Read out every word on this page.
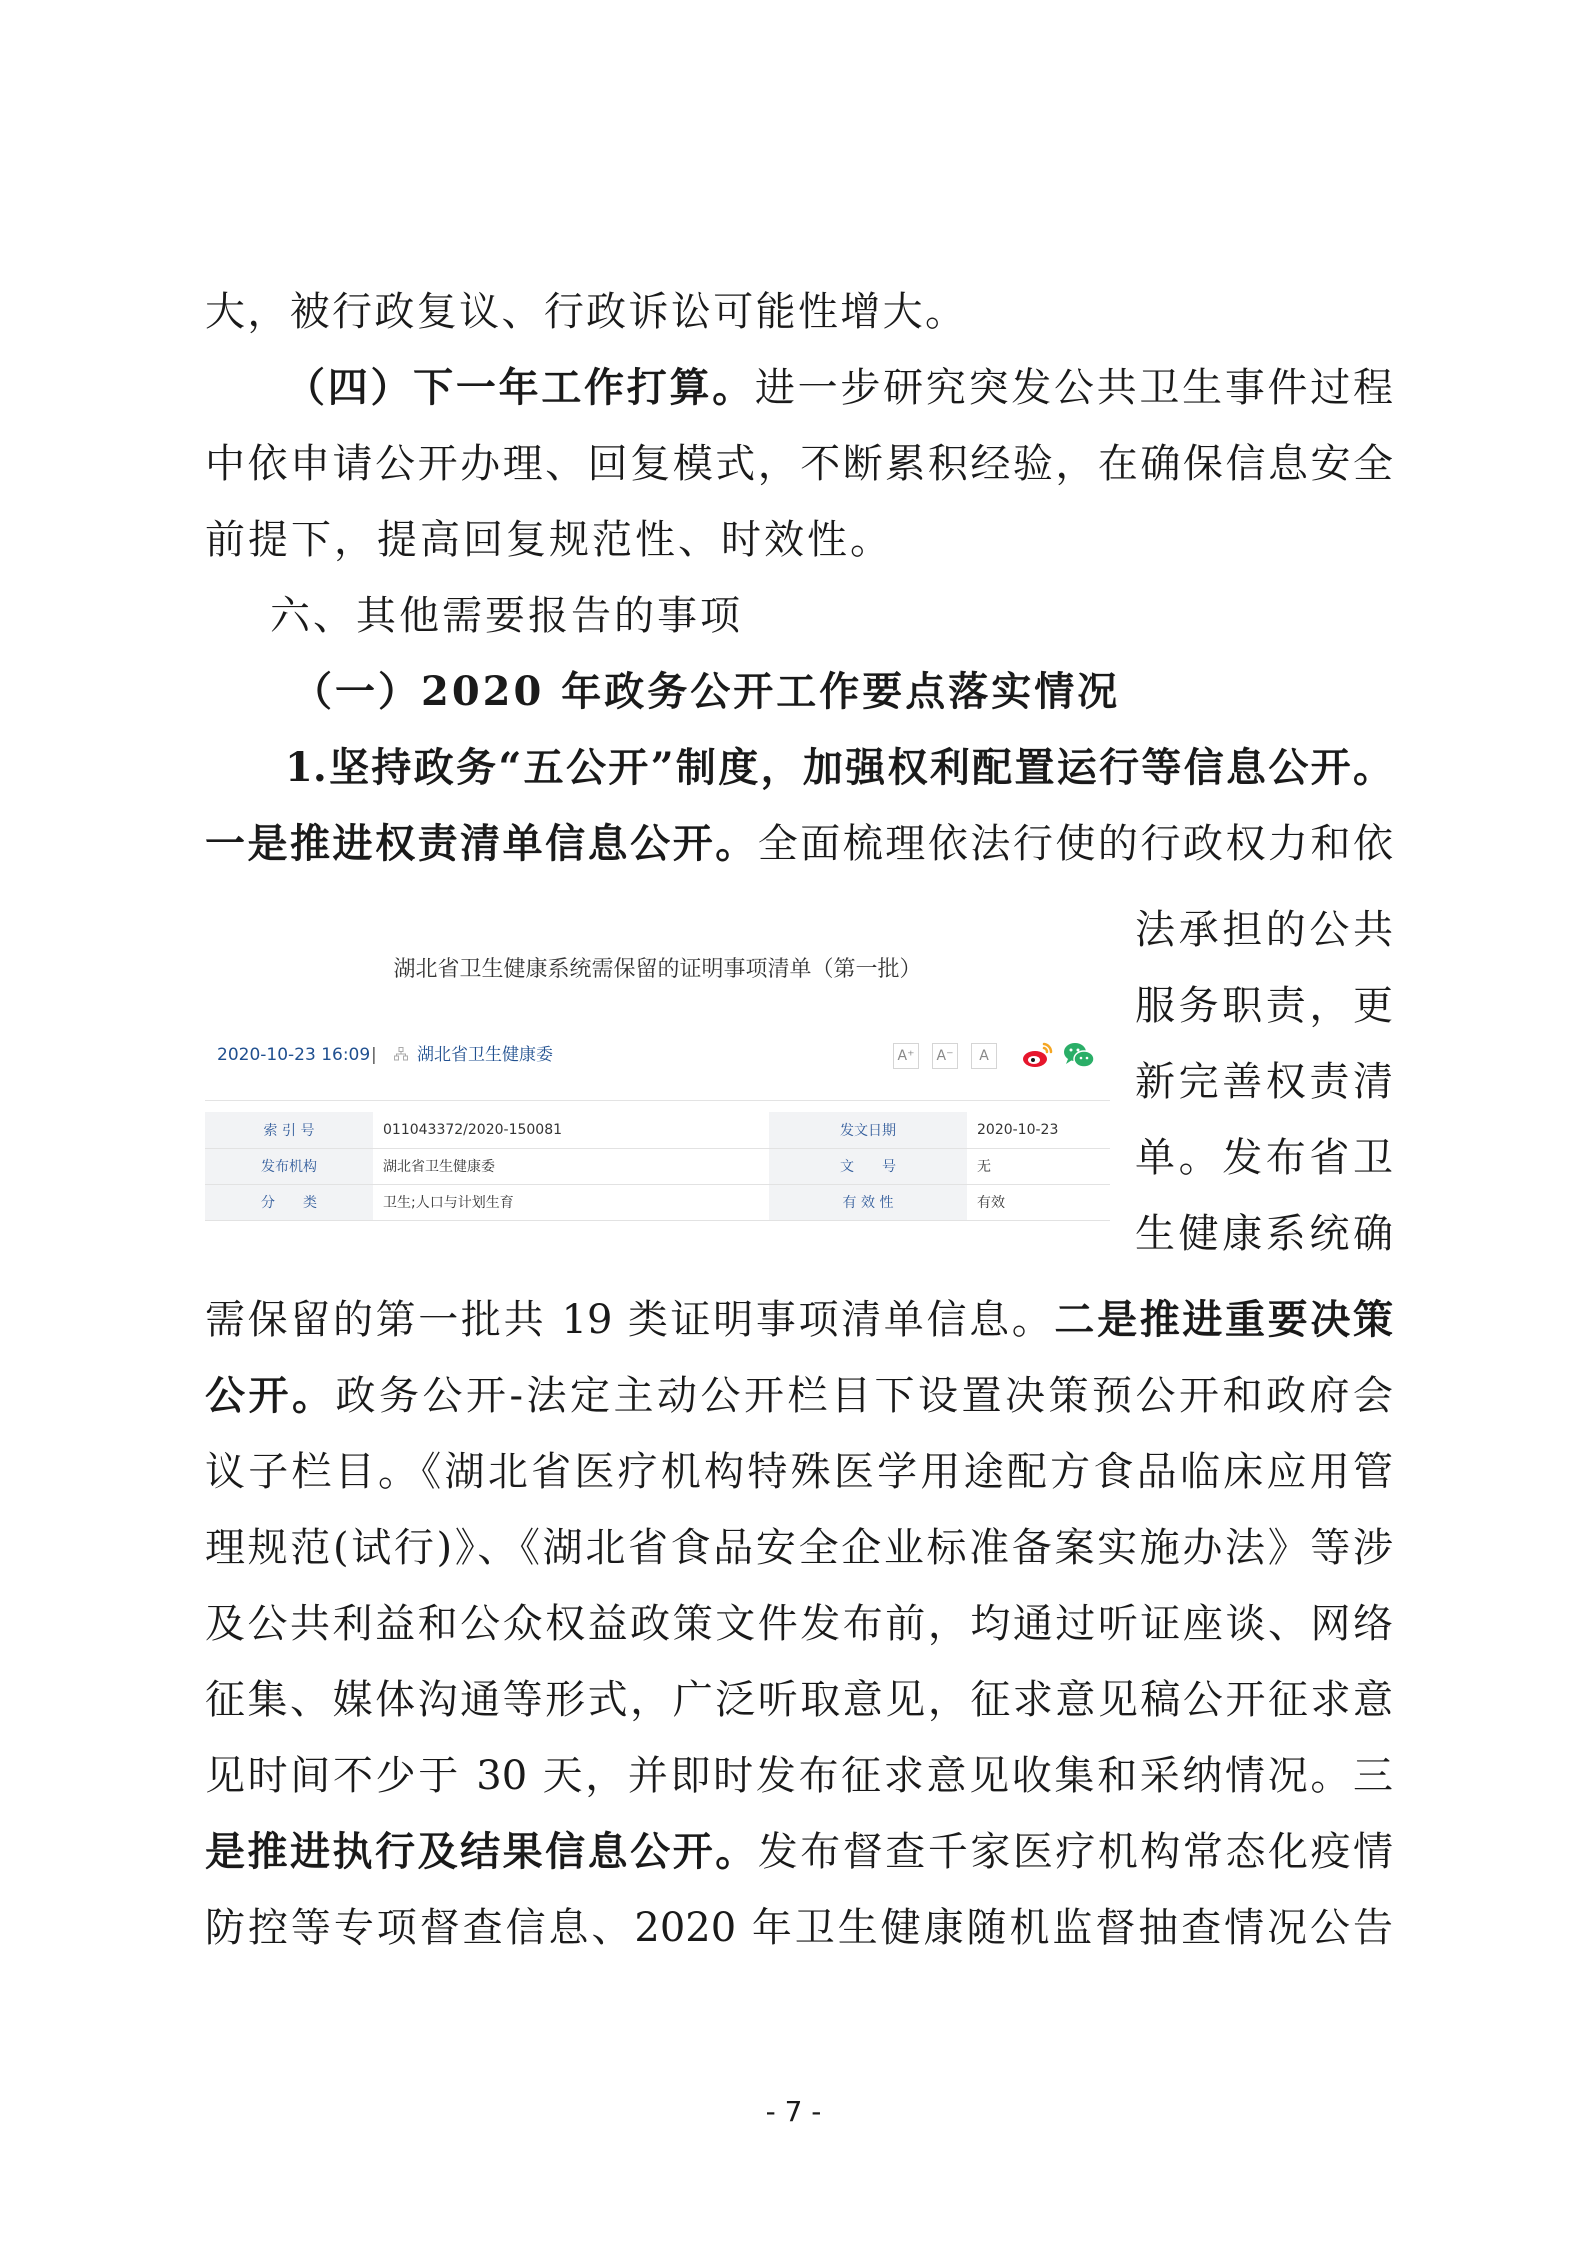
大，被行政复议、行政诉讼可能性增大。
（四）下一年工作打算。进一步研究突发公共卫生事件过程
中依申请公开办理、回复模式，不断累积经验，在确保信息安全
前提下，提高回复规范性、时效性。
六、其他需要报告的事项
（一）2020 年政务公开工作要点落实情况
1.坚持政务“五公开”制度，加强权利配置运行等信息公开。
一是推进权责清单信息公开。全面梳理依法行使的行政权力和依
湖北省卫生健康系统需保留的证明事项清单（第一批）
2020-10-23 16:09 | 湖北省卫生健康委	A⁺	A⁻	A
索 引 号	011043372/2020-150081	发文日期	2020-10-23
发布机构	湖北省卫生健康委	文　　号	无
分　　类	卫生;人口与计划生育	有 效 性	有效
法承担的公共
服务职责，更
新完善权责清
单。发布省卫
生健康系统确
需保留的第一批共 19 类证明事项清单信息。二是推进重要决策
公开。政务公开-法定主动公开栏目下设置决策预公开和政府会
议子栏目。《湖北省医疗机构特殊医学用途配方食品临床应用管
理规范(试行)》、《湖北省食品安全企业标准备案实施办法》等涉
及公共利益和公众权益政策文件发布前，均通过听证座谈、网络
征集、媒体沟通等形式，广泛听取意见，征求意见稿公开征求意
见时间不少于 30 天，并即时发布征求意见收集和采纳情况。三
是推进执行及结果信息公开。发布督查千家医疗机构常态化疫情
防控等专项督查信息、2020 年卫生健康随机监督抽查情况公告
- 7 -
